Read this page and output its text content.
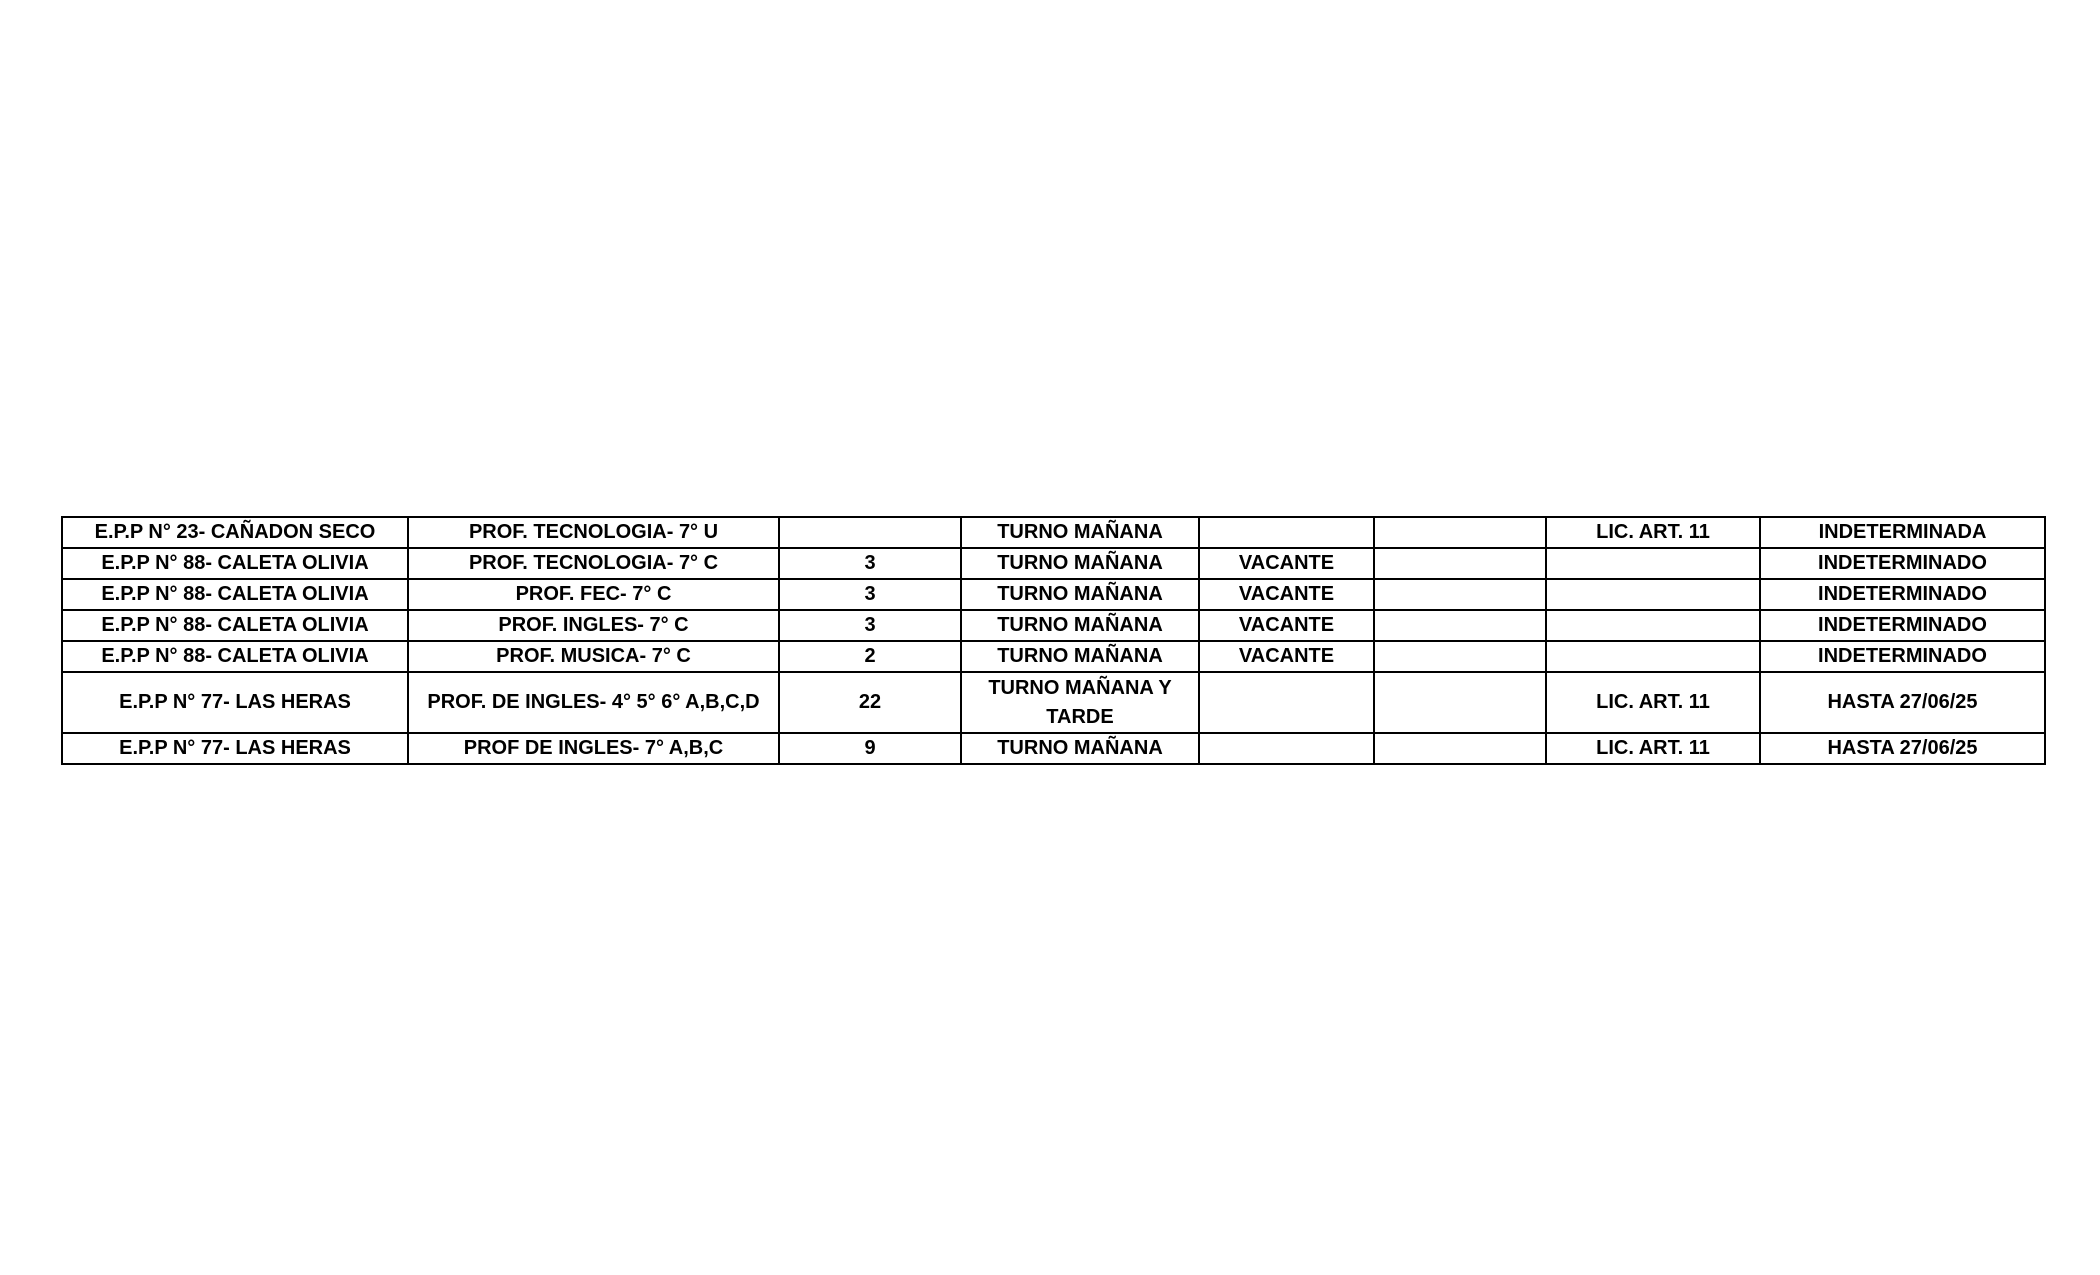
E.P.P N° 23- CAÑADON SECO	PROF. TECNOLOGIA- 7° U		TURNO MAÑANA			LIC. ART. 11	INDETERMINADA
E.P.P N° 88- CALETA OLIVIA	PROF. TECNOLOGIA- 7° C	3	TURNO MAÑANA	VACANTE			INDETERMINADO
E.P.P N° 88- CALETA OLIVIA	PROF. FEC- 7° C	3	TURNO MAÑANA	VACANTE			INDETERMINADO
E.P.P N° 88- CALETA OLIVIA	PROF. INGLES- 7° C	3	TURNO MAÑANA	VACANTE			INDETERMINADO
E.P.P N° 88- CALETA OLIVIA	PROF. MUSICA- 7° C	2	TURNO MAÑANA	VACANTE			INDETERMINADO
E.P.P N° 77- LAS HERAS	PROF. DE INGLES- 4° 5° 6° A,B,C,D	22	TURNO MAÑANA Y TARDE			LIC. ART. 11	HASTA 27/06/25
E.P.P N° 77- LAS HERAS	PROF DE INGLES- 7° A,B,C	9	TURNO MAÑANA			LIC. ART. 11	HASTA 27/06/25
